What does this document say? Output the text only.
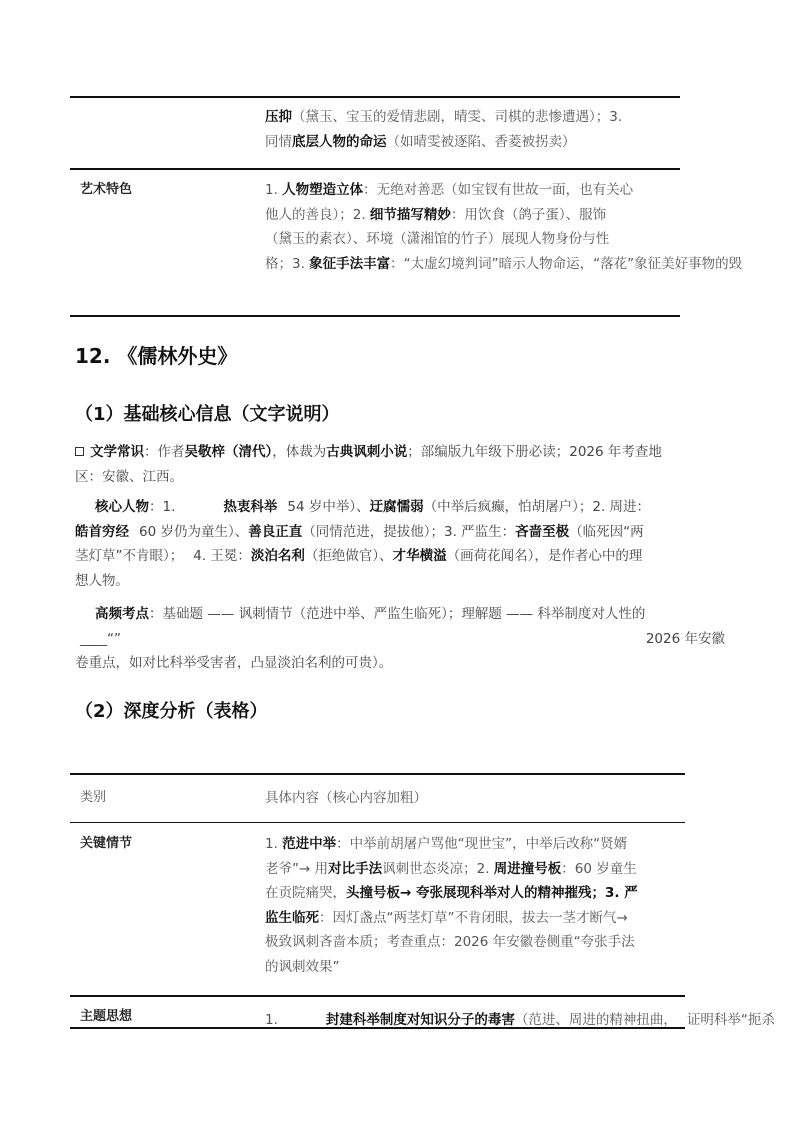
压抑（黛玉、宝玉的爱情悲剧，晴雯、司棋的悲惨遭遇）；3.
同情底层人物的命运（如晴雯被逐陷、香菱被拐卖）
艺术特色	1. 人物塑造立体：无绝对善恶（如宝钗有世故一面，也有关心
他人的善良）；2. 细节描写精妙：用饮食（鸽子蛋）、服饰
（黛玉的素衣）、环境（潇湘馆的竹子）展现人物身份与性
格；3. 象征手法丰富：“太虚幻境判词”暗示人物命运，“落花”象征美好事物的毁
12. 《儒林外史》
（1）基础核心信息（文字说明）
文学常识：作者吴敬梓（清代），体裁为古典讽刺小说；部编版九年级下册必读；2026 年考查地
区：安徽、江西。
核心人物：1.	热衷科举 54 岁中举）、迂腐懦弱（中举后疯癫，怕胡屠户）；2. 周进：
皓首穷经 60 岁仍为童生）、善良正直（同情范进，提拔他）；3. 严监生：吝啬至极（临死因“两
茎灯草”不肯眼）； 4. 王冕：淡泊名利（拒绝做官）、才华横溢（画荷花闻名），是作者心中的理
想人物。
高频考点：基础题 —— 讽刺情节（范进中举、严监生临死）；理解题 —— 科举制度对人性的
____“”	2026 年安徽
卷重点，如对比科举受害者，凸显淡泊名利的可贵）。
（2）深度分析（表格）
类别	具体内容（核心内容加粗）
关键情节	1. 范进中举：中举前胡屠户骂他“现世宝”，中举后改称“贤婿
老爷”→ 用对比手法讽刺世态炎凉；2. 周进撞号板：60 岁童生
在贡院痛哭，头撞号板→ 夸张展现科举对人的精神摧残；3. 严
监生临死：因灯盏点“两茎灯草”不肯闭眼，拔去一茎才断气→
极致讽刺吝啬本质；考查重点：2026 年安徽卷侧重“夸张手法
的讽刺效果”
主题思想	1.	封建科举制度对知识分子的毒害（范进、周进的精神扭曲， 证明科举“扼杀
